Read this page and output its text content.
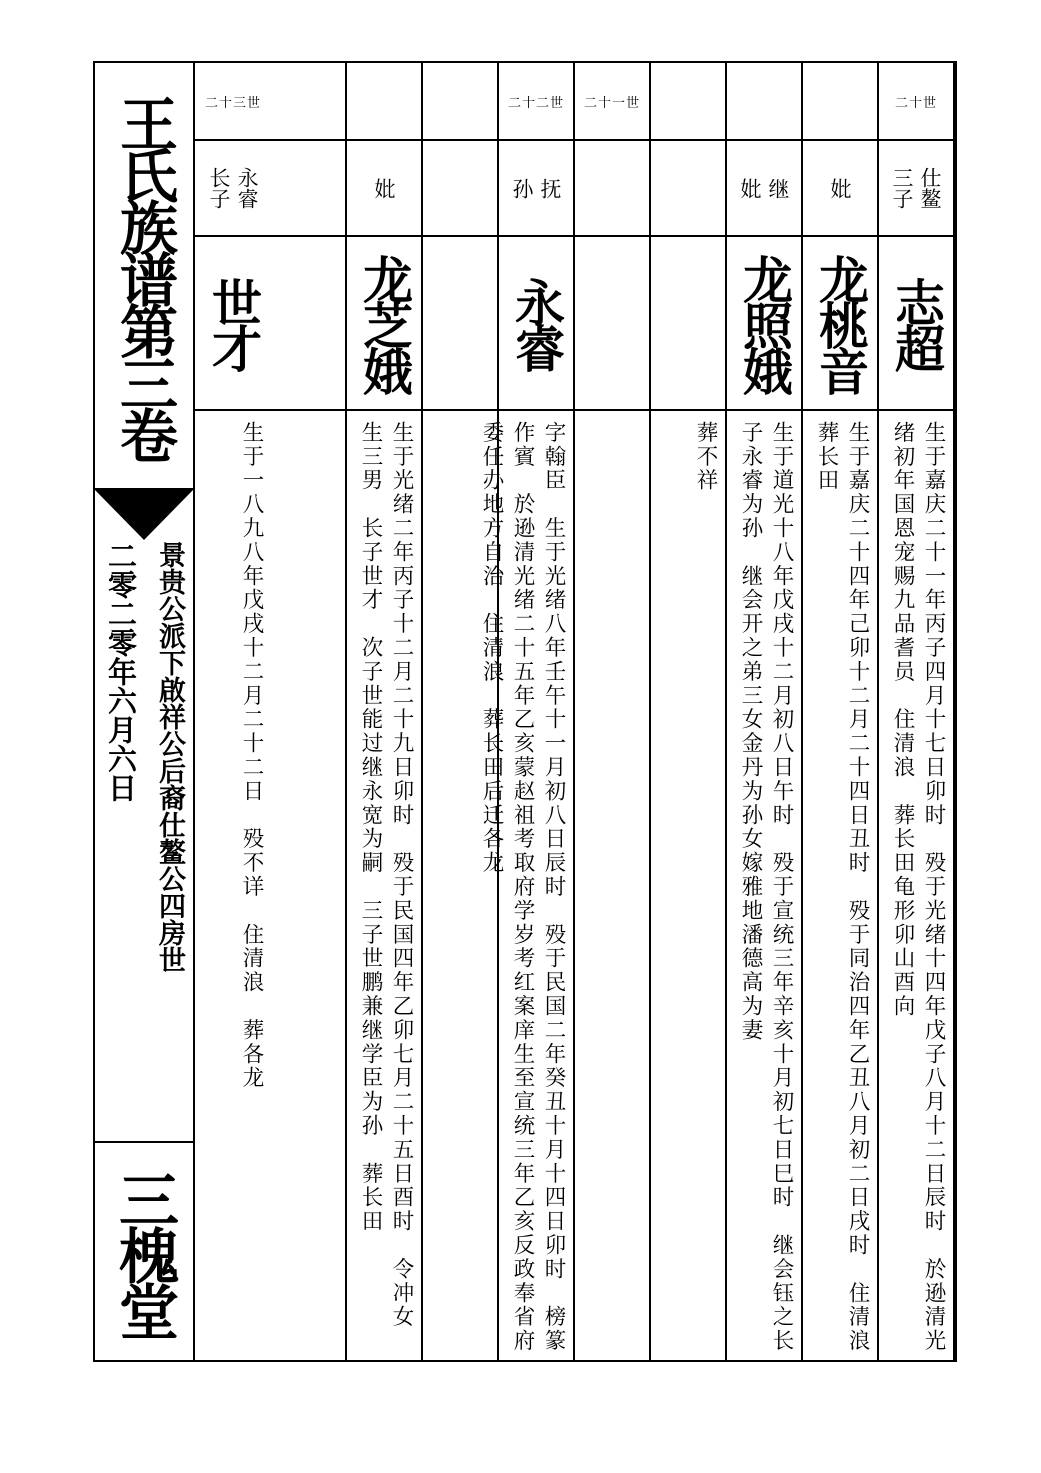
王氏族谱第三卷
景贵公派下啟祥公后裔仕鳌公四房世
二零二零年六月六日
三槐堂
二十世
仕鳌
三子
志超
生于嘉庆二十一年丙子四月十七日卯时　殁于光绪十四年戊子八月十二日辰时　於逊清光绪初年国恩宠赐九品耆员　住清浪　葬长田龟形卯山酉向
妣
龙桃音
生于嘉庆二十四年己卯十二月二十四日丑时　殁于同治四年乙丑八月初二日戌时　住清浪　葬长田
继
妣
龙照娥
生于道光十八年戊戌十二月初八日午时　殁于宣统三年辛亥十月初七日巳时　继会钰之长子永睿为孙　继会开之弟三女金丹为孙女嫁雅地潘德高为妻
葬不祥
二十一世
二十二世
抚
孙
永睿
字翰臣　生于光绪八年壬午十一月初八日辰时　殁于民国二年癸丑十月十四日卯时　榜篆作賓　於逊清光绪二十五年乙亥蒙赵祖考取府学岁考红案庠生至宣统三年乙亥反政奉省府委任办地方自治　住清浪　葬长田后迁各龙
妣
龙芝娥
生于光绪二年丙子十二月二十九日卯时　殁于民国四年乙卯七月二十五日酉时　令冲女　生三男　长子世才　次子世能过继永宽为嗣　三子世鹏兼继学臣为孙　葬长田
二十三世
永睿
长子
世才
生于一八九八年戊戌十二月二十二日　殁不详　住清浪　葬各龙
